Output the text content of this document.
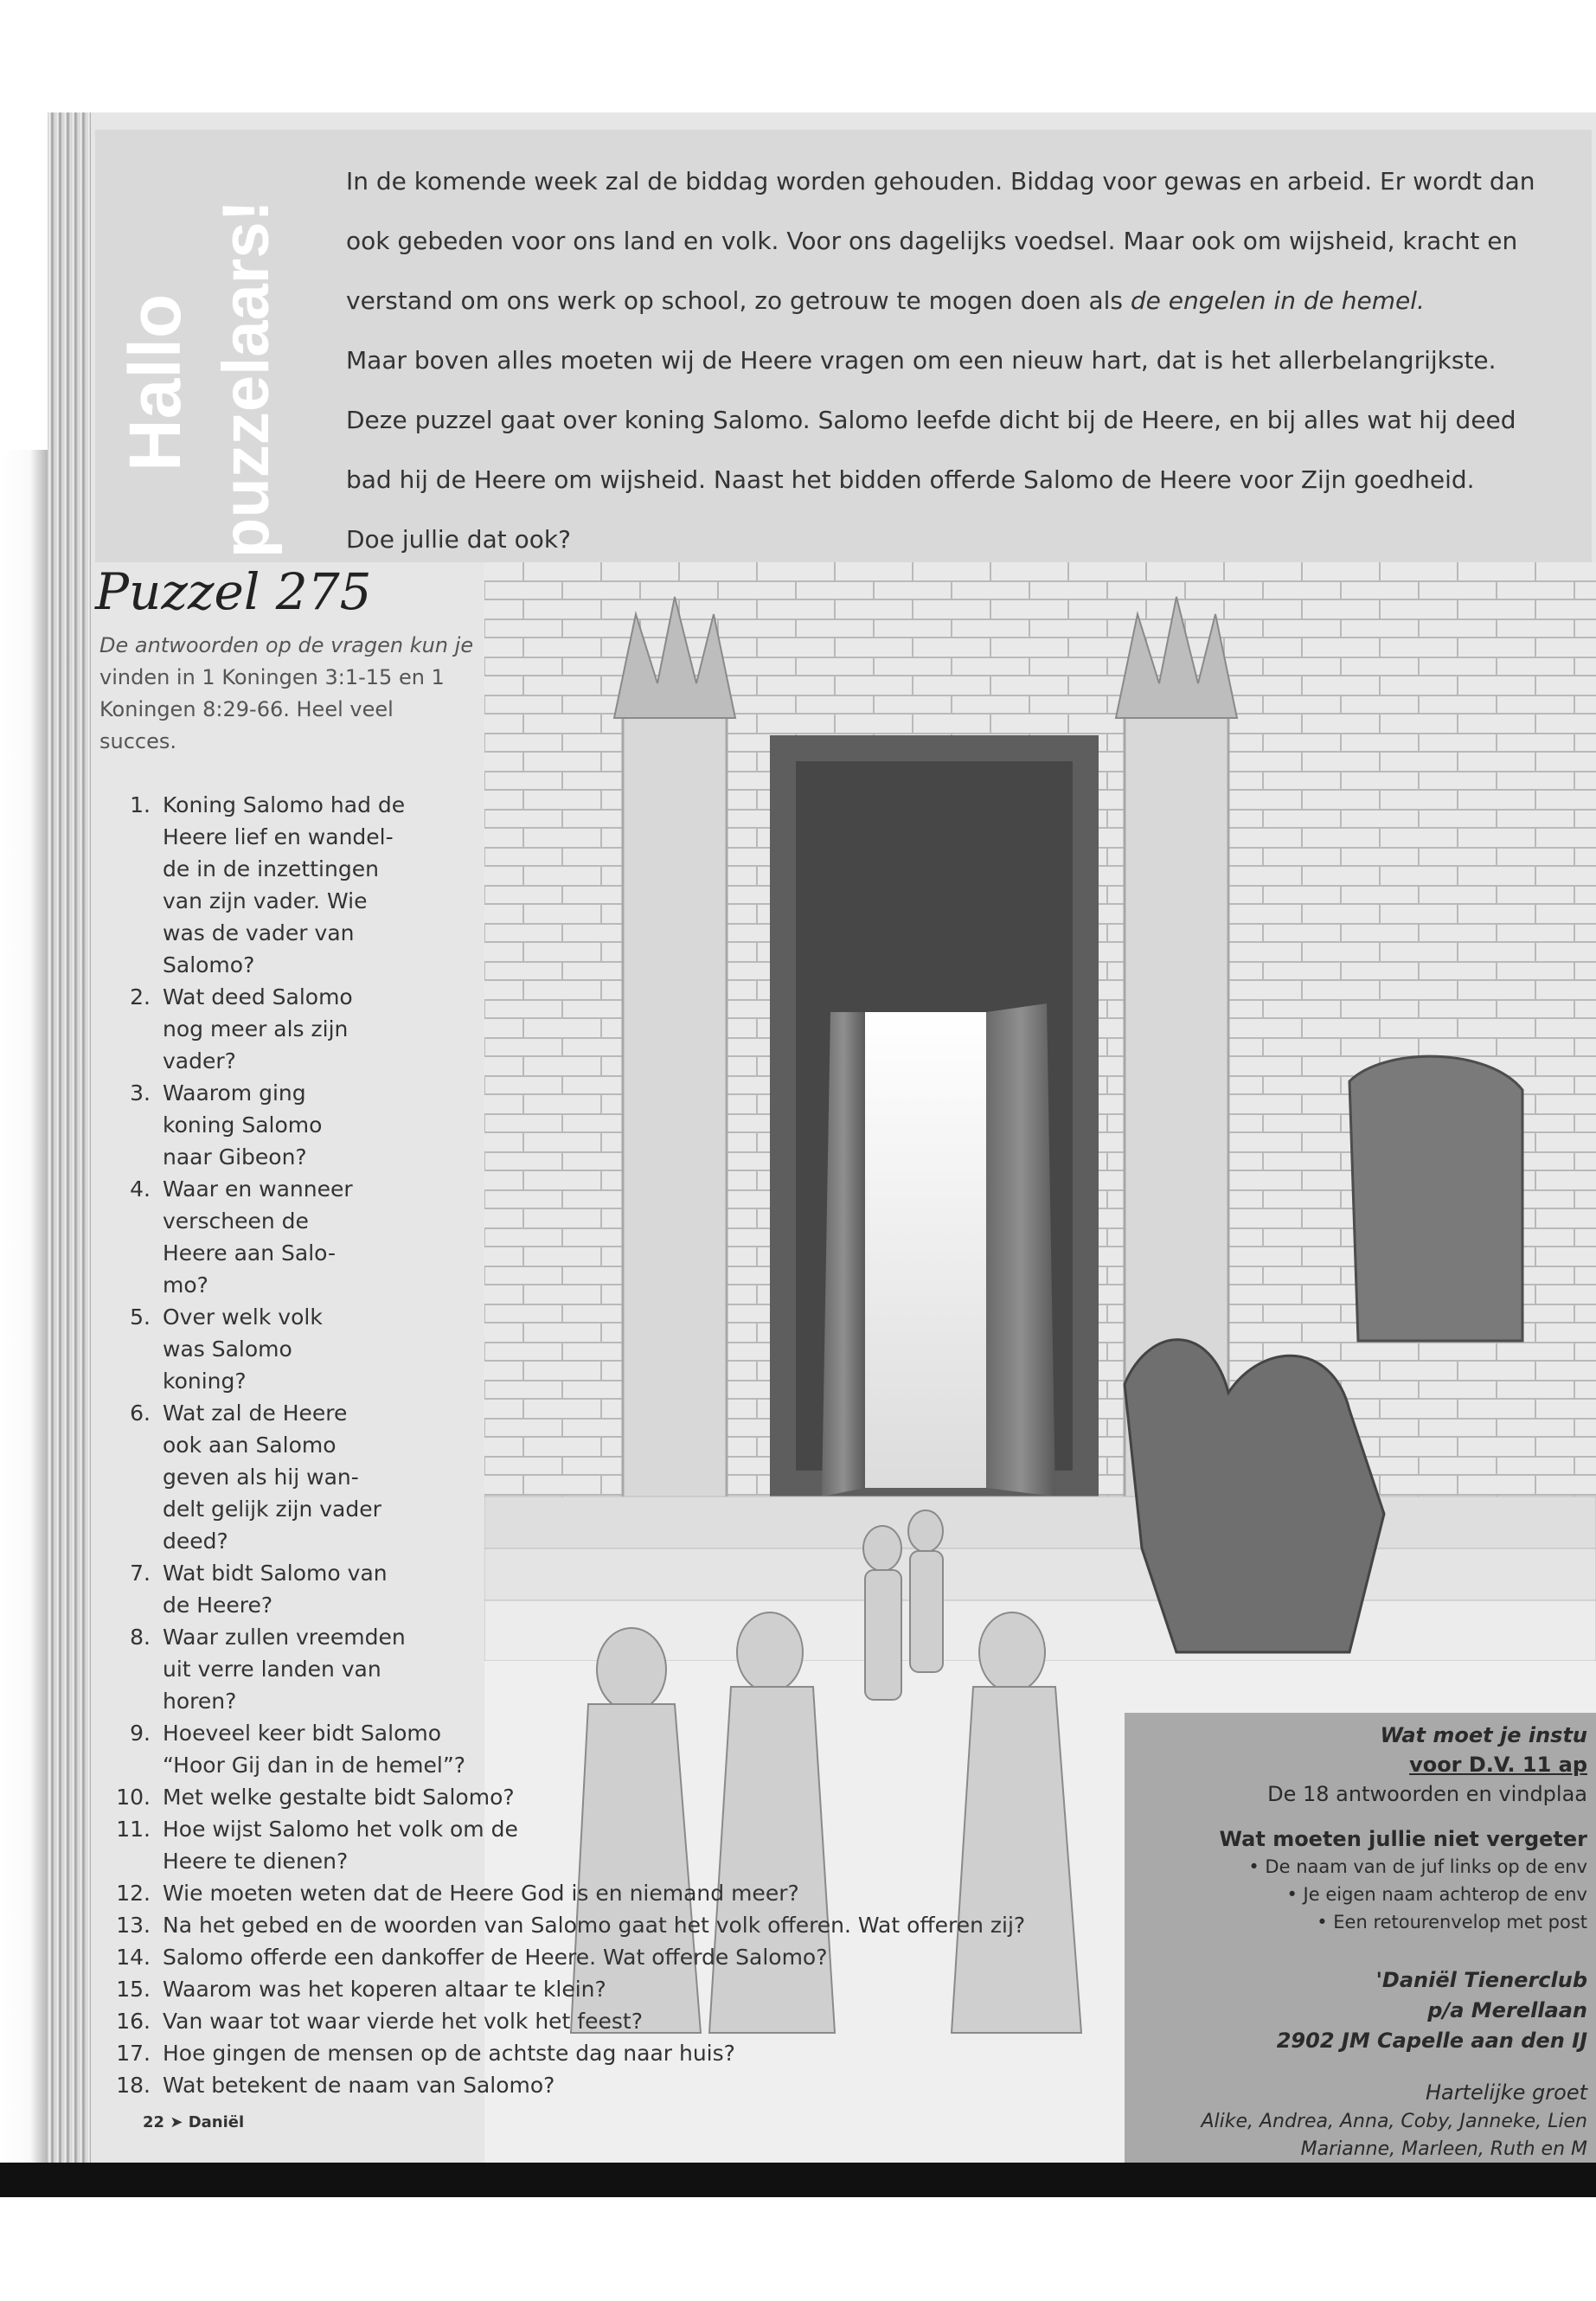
Hallo puzzelaars!

In de komende week zal de biddag worden gehouden. Biddag voor gewas en arbeid. Er wordt dan

ook gebeden voor ons land en volk. Voor ons dagelijks voedsel. Maar ook om wijsheid, kracht en

verstand om ons werk op school, zo getrouw te mogen doen als de engelen in de hemel.

Maar boven alles moeten wij de Heere vragen om een nieuw hart, dat is het allerbelangrijkste.

Deze puzzel gaat over koning Salomo. Salomo leefde dicht bij de Heere, en bij alles wat hij deed

bad hij de Heere om wijsheid. Naast het bidden offerde Salomo de Heere voor Zijn goedheid.

Doe jullie dat ook?

Puzzel 275
De antwoorden op de vragen kun je
vinden in 1 Koningen 3:1-15 en 1
Koningen 8:29-66. Heel veel
succes.
1. Koning Salomo had de
Heere lief en wandel-
de in de inzettingen
van zijn vader. Wie
was de vader van
Salomo?
2. Wat deed Salomo
nog meer als zijn
vader?
3. Waarom ging
koning Salomo
naar Gibeon?
4. Waar en wanneer
verscheen de
Heere aan Salo-
mo?
5. Over welk volk
was Salomo
koning?
6. Wat zal de Heere
ook aan Salomo
geven als hij wan-
delt gelijk zijn vader
deed?
7. Wat bidt Salomo van
de Heere?
8. Waar zullen vreemden
uit verre landen van
horen?
9. Hoeveel keer bidt Salomo
“Hoor Gij dan in de hemel”?
10. Met welke gestalte bidt Salomo?
11. Hoe wijst Salomo het volk om de
Heere te dienen?
12. Wie moeten weten dat de Heere God is en niemand meer?
13. Na het gebed en de woorden van Salomo gaat het volk offeren. Wat offeren zij?
14. Salomo offerde een dankoffer de Heere. Wat offerde Salomo?
15. Waarom was het koperen altaar te klein?
16. Van waar tot waar vierde het volk het feest?
17. Hoe gingen de mensen op de achtste dag naar huis?
18. Wat betekent de naam van Salomo?
22 ➤ Daniël
Wat moet je instu
voor D.V. 11 ap
De 18 antwoorden en vindplaa
Wat moeten jullie niet vergeter
• De naam van de juf links op de env
• Je eigen naam achterop de env
• Een retourenvelop met post
'Daniël Tienerclub
p/a Merellaan
2902 JM Capelle aan den IJ
Hartelijke groet
Alike, Andrea, Anna, Coby, Janneke, Lien
Marianne, Marleen, Ruth en M
